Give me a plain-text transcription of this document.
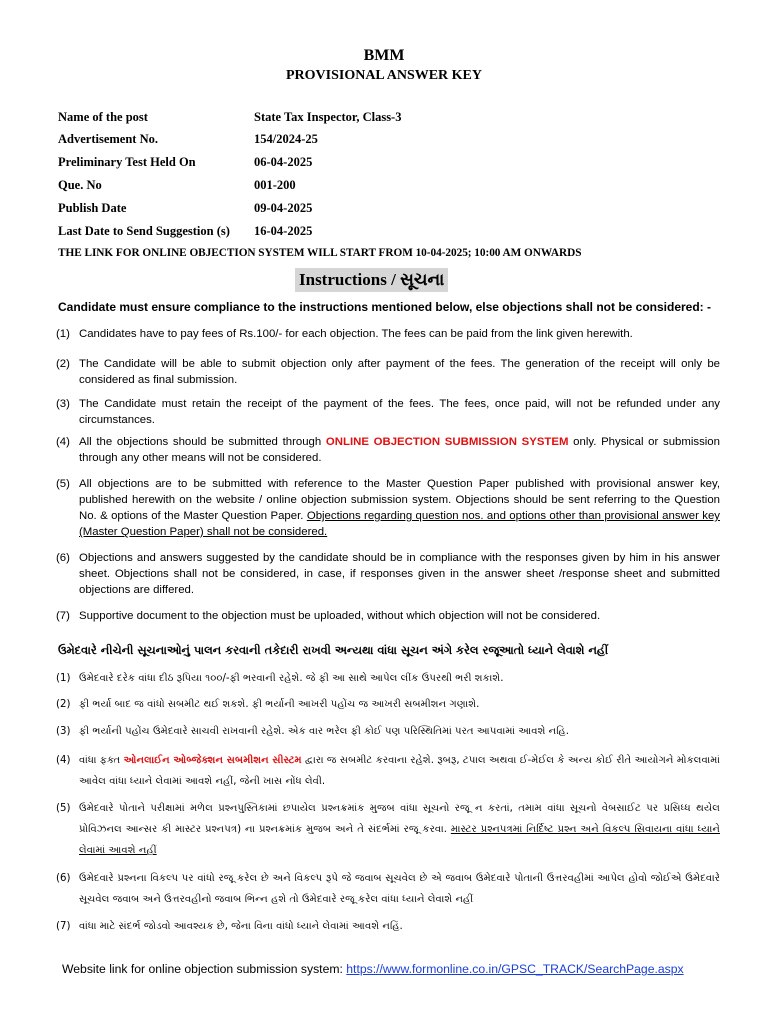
BMM
PROVISIONAL ANSWER KEY
Name of the post	State Tax Inspector, Class-3
Advertisement No.	154/2024-25
Preliminary Test Held On	06-04-2025
Que. No	001-200
Publish Date	09-04-2025
Last Date to Send Suggestion (s) 16-04-2025
THE LINK FOR ONLINE OBJECTION SYSTEM WILL START FROM 10-04-2025; 10:00 AM ONWARDS
Instructions / સૂચના
Candidate must ensure compliance to the instructions mentioned below, else objections shall not be considered: -
(1) Candidates have to pay fees of Rs.100/- for each objection. The fees can be paid from the link given herewith.
(2) The Candidate will be able to submit objection only after payment of the fees. The generation of the receipt will only be considered as final submission.
(3) The Candidate must retain the receipt of the payment of the fees. The fees, once paid, will not be refunded under any circumstances.
(4) All the objections should be submitted through ONLINE OBJECTION SUBMISSION SYSTEM only. Physical or submission through any other means will not be considered.
(5) All objections are to be submitted with reference to the Master Question Paper published with provisional answer key, published herewith on the website / online objection submission system. Objections should be sent referring to the Question No. & options of the Master Question Paper. Objections regarding question nos. and options other than provisional answer key (Master Question Paper) shall not be considered.
(6) Objections and answers suggested by the candidate should be in compliance with the responses given by him in his answer sheet. Objections shall not be considered, in case, if responses given in the answer sheet /response sheet and submitted objections are differed.
(7) Supportive document to the objection must be uploaded, without which objection will not be considered.
ઉમેદવારે નીચેની સૂચનાઓનું પાલન કરવાની તકેદારી રાખવી અન્યથા વાંધા સૂચન અંગે કરેલ રજૂઆતો ધ્યાને લેવાશે નહીં
(1) ઉમેદવારે દરેક વાંધા દીઠ રૂપિયા ૧૦૦/-ફી ભરવાની રહેશે. જે ફી આ સાથે આપેલ લીંક ઉપરથી ભરી શકાશે.
(2) ફી ભર્યા બાદ જ વાંધો સબમીટ થઈ શકશે. ફી ભર્યાની આખરી પહોંચ જ આખરી સબમીશન ગણાશે.
(3) ફી ભર્યાની પહોંચ ઉમેદવારે સાચવી રાખવાની રહેશે. એક વાર ભરેલ ફી કોઈ પણ પરિસ્થિતિમાં પરત આપવામાં આવશે નહિ.
(4) વાંધા ફક્ત ઓનલાઈન ઓબ્જેક્શન સબમીશન સીસ્ટમ દ્વારા જ સબમીટ કરવાના રહેશે. રૂબરૂ, ટપાલ અથવા ઈ-મેઈલ કે અન્ય કોઈ રીતે આયોગને મોકલવામાં આવેલ વાંધા ધ્યાને લેવામાં આવશે નહીં, જેની ખાસ નોંધ લેવી.
(5) ઉમેદવારે પોતાને પરીક્ષામાં મળેલ પ્રશ્નપુસ્તિકામાં છપાયેલ પ્રશ્નક્રમાંક મુજબ વાંધા સૂચનો રજૂ ન કરતાં, તમામ વાંધા સૂચનો વેબસાઈટ પર પ્રસિધ્ધ થયેલ પ્રોવિઝનલ આન્સર કી માસ્ટર પ્રશ્નપત્ર) ના પ્રશ્નક્રમાંક મુજબ અને તે સંદર્ભમાં રજૂ કરવા. માસ્ટર પ્રશ્નપત્રમાં નિર્દિષ્ટ પ્રશ્ન અને વિકલ્પ સિવાયના વાંધા ધ્યાને લેવામાં આવશે નહીં
(6) ઉમેદવારે પ્રશ્નના વિકલ્પ પર વાંધો રજૂ કરેલ છે અને વિકલ્પ રૂપે જે જવાબ સૂચવેલ છે એ જવાબ ઉમેદવારે પોતાની ઉત્તરવહીમાં આપેલ હોવો જોઈએ ઉમેદવારે સૂચવેલ જવાબ અને ઉત્તરવહીનો જવાબ ભિન્ન હશે તો ઉમેદવારે રજૂ કરેલ વાંધા ધ્યાને લેવાશે નહીં
(7) વાંધા માટે સંદર્ભ જોડવો આવશ્યક છે, જેના વિના વાંધો ધ્યાને લેવામાં આવશે નહિં.
Website link for online objection submission system: https://www.formonline.co.in/GPSC_TRACK/SearchPage.aspx
